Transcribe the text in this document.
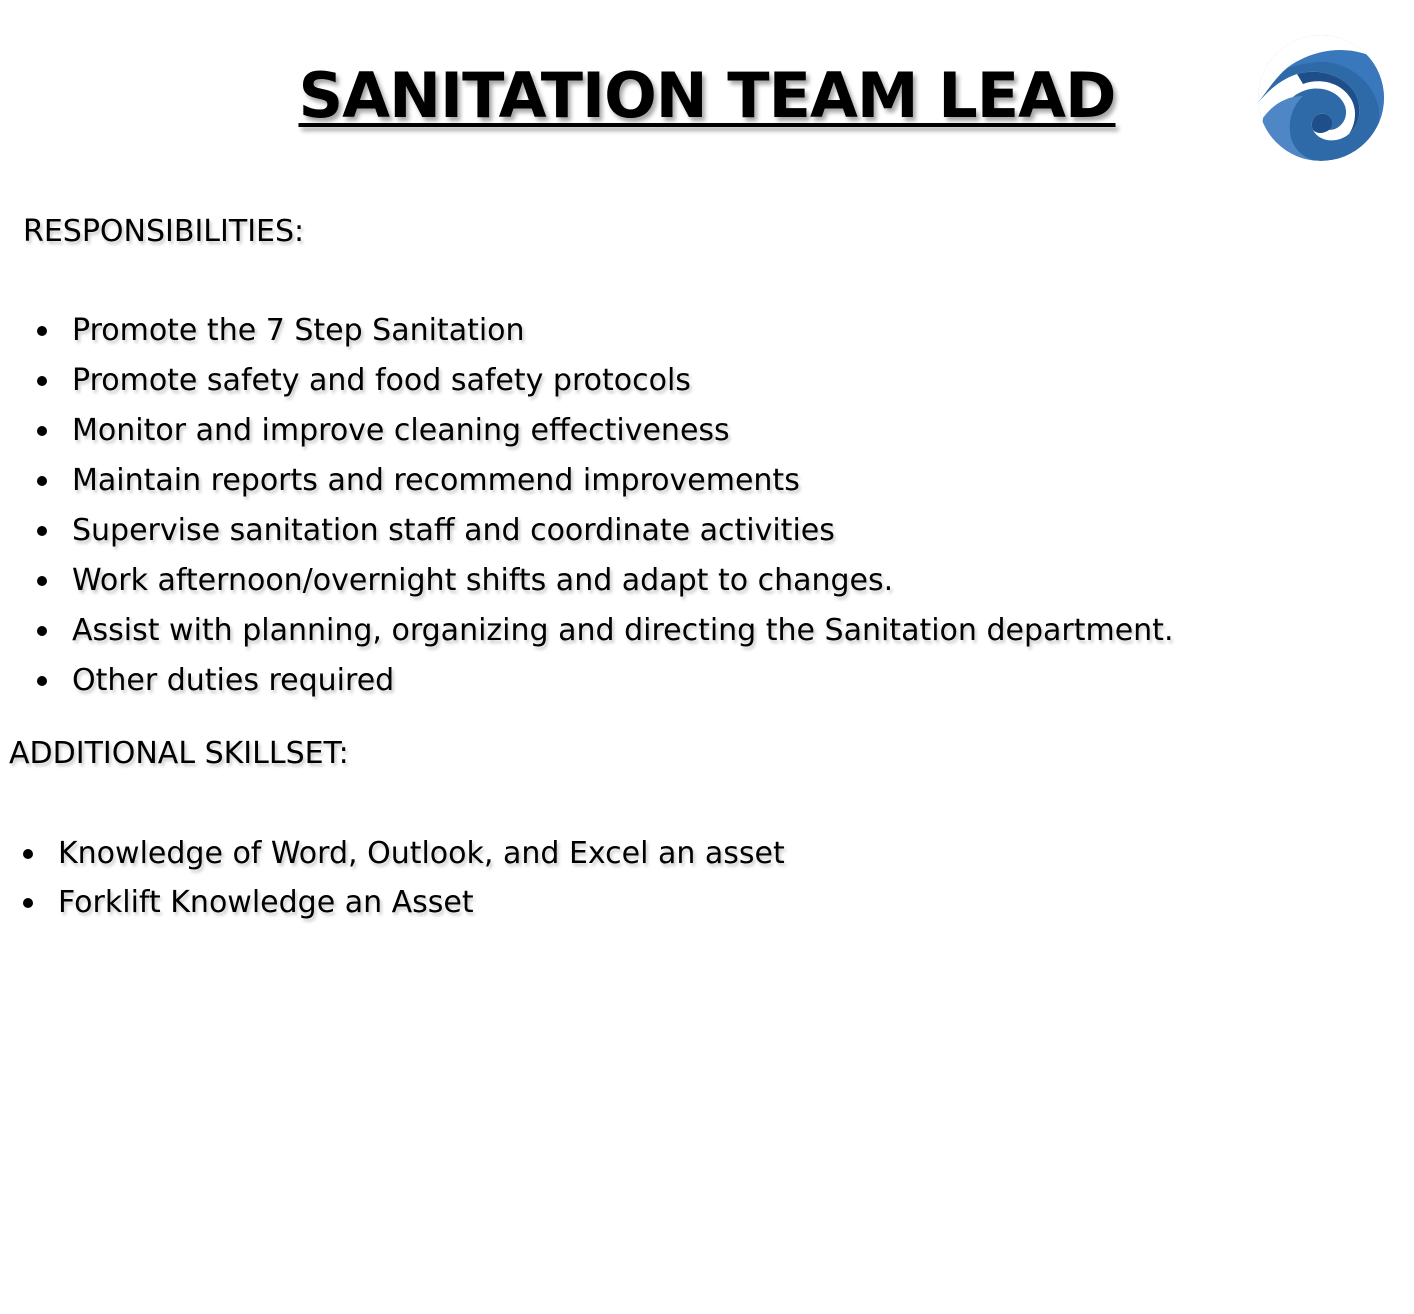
SANITATION TEAM LEAD
RESPONSIBILITIES:
Promote the 7 Step Sanitation
Promote safety and food safety protocols
Monitor and improve cleaning effectiveness
Maintain reports and recommend improvements
Supervise sanitation staff and coordinate activities
Work afternoon/overnight shifts and adapt to changes.
Assist with planning, organizing and directing the Sanitation department.
Other duties required
ADDITIONAL SKILLSET:
Knowledge of Word, Outlook, and Excel an asset
Forklift Knowledge an Asset
